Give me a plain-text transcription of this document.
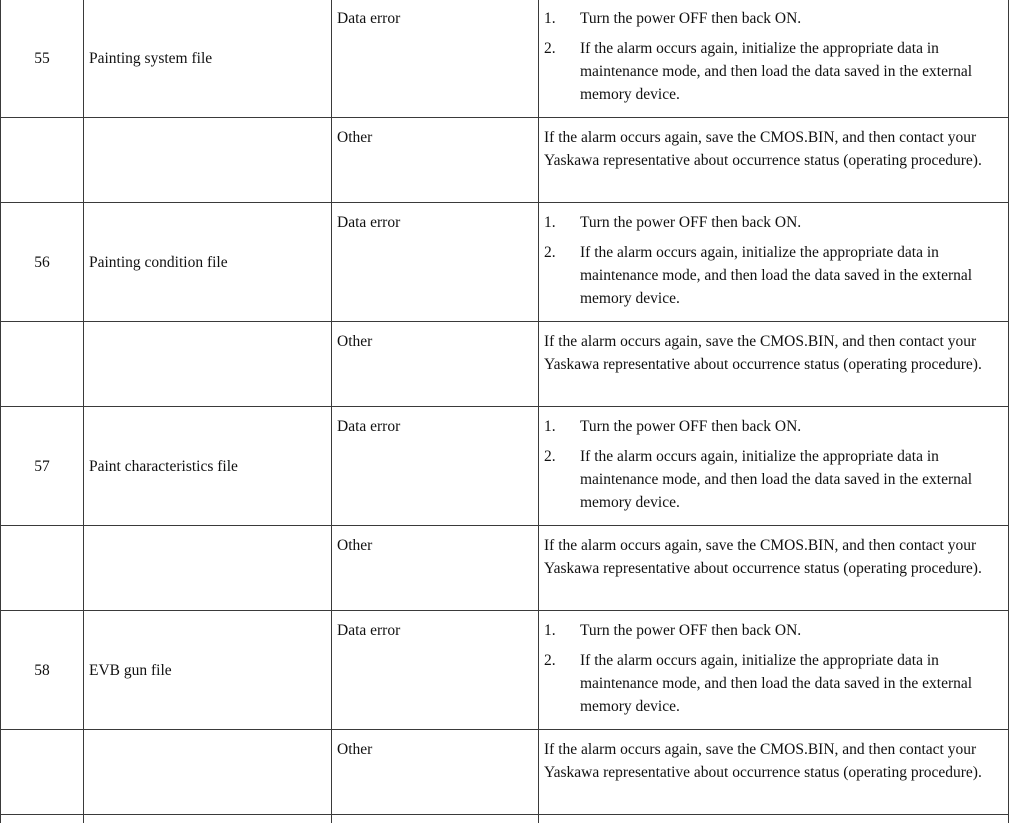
55	Painting system file	Data error	1. Turn the power OFF then back ON.
2. If the alarm occurs again, initialize the appropriate data in maintenance mode, and then load the data saved in the external memory device.

		Other	If the alarm occurs again, save the CMOS.BIN, and then contact your Yaskawa representative about occurrence status (operating procedure).

56	Painting condition file	Data error	1. Turn the power OFF then back ON.
2. If the alarm occurs again, initialize the appropriate data in maintenance mode, and then load the data saved in the external memory device.

		Other	If the alarm occurs again, save the CMOS.BIN, and then contact your Yaskawa representative about occurrence status (operating procedure).

57	Paint characteristics file	Data error	1. Turn the power OFF then back ON.
2. If the alarm occurs again, initialize the appropriate data in maintenance mode, and then load the data saved in the external memory device.

		Other	If the alarm occurs again, save the CMOS.BIN, and then contact your Yaskawa representative about occurrence status (operating procedure).

58	EVB gun file	Data error	1. Turn the power OFF then back ON.
2. If the alarm occurs again, initialize the appropriate data in maintenance mode, and then load the data saved in the external memory device.

		Other	If the alarm occurs again, save the CMOS.BIN, and then contact your Yaskawa representative about occurrence status (operating procedure).
